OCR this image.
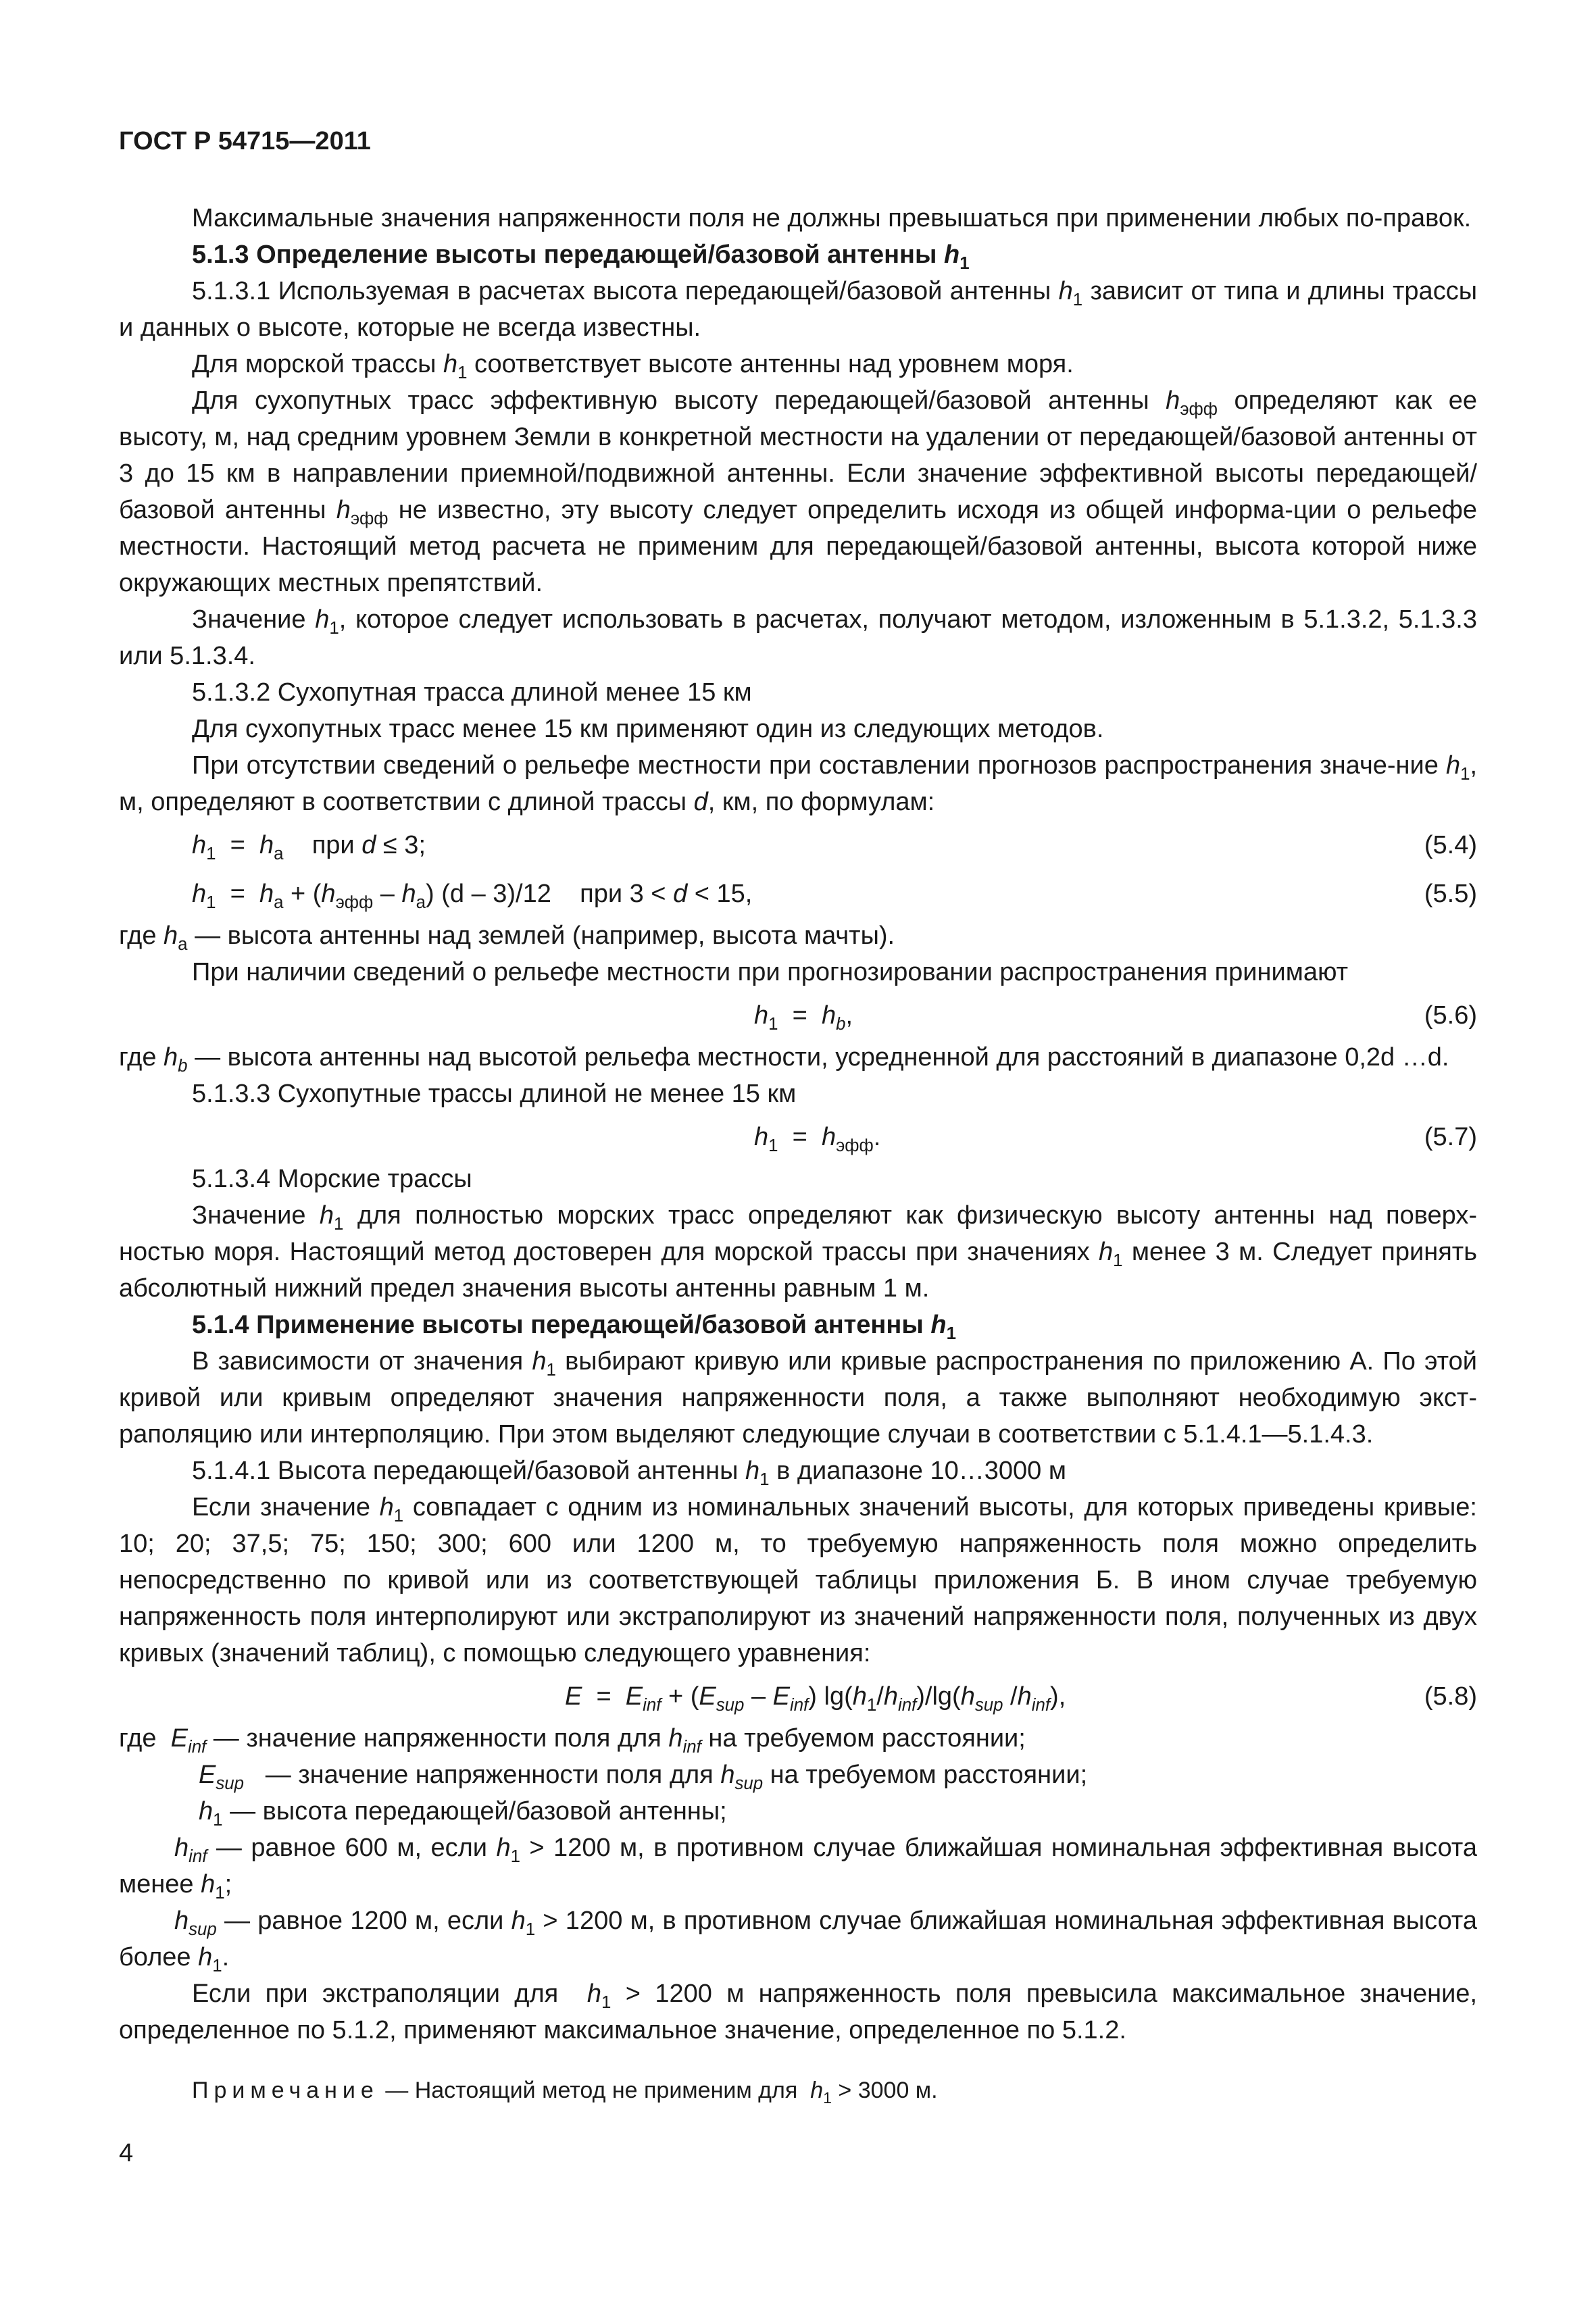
ГОСТ Р 54715—2011

Максимальные значения напряженности поля не должны превышаться при применении любых по-правок.

5.1.3 Определение высоты передающей/базовой антенны $h_1$

5.1.3.1 Используемая в расчетах высота передающей/базовой антенны $h_1$ зависит от типа и длины трассы и данных о высоте, которые не всегда известны.

Для морской трассы $h_1$ соответствует высоте антенны над уровнем моря.

Для сухопутных трасс эффективную высоту передающей/базовой антенны $h_{эфф}$ определяют как ее высоту, м, над средним уровнем Земли в конкретной местности на удалении от передающей/базовой антенны от 3 до 15 км в направлении приемной/подвижной антенны. Если значение эффективной высоты передающей/базовой антенны $h_{эфф}$ не известно, эту высоту следует определить исходя из общей информа-ции о рельефе местности. Настоящий метод расчета не применим для передающей/базовой антенны, высота которой ниже окружающих местных препятствий.

Значение $h_1$, которое следует использовать в расчетах, получают методом, изложенным в 5.1.3.2, 5.1.3.3 или 5.1.3.4.

5.1.3.2 Сухопутная трасса длиной менее 15 км

Для сухопутных трасс менее 15 км применяют один из следующих методов.

При отсутствии сведений о рельефе местности при составлении прогнозов распространения значе-ние $h_1$, м, определяют в соответствии с длиной трассы d, км, по формулам:

$h_1 = h_a$ при d ≤ 3;	(5.4)
$h_1 = h_a + (h_{эфф} - h_a)$ (d – 3)/12 при 3 < d < 15,	(5.5)

где $h_a$ — высота антенны над землей (например, высота мачты).

При наличии сведений о рельефе местности при прогнозировании распространения принимают

$h_1 = h_b$,	(5.6)

где $h_b$ — высота антенны над высотой рельефа местности, усредненной для расстояний в диапазоне 0,2d …d.

5.1.3.3 Сухопутные трассы длиной не менее 15 км

$h_1 = h_{эфф}$.	(5.7)

5.1.3.4 Морские трассы

Значение $h_1$ для полностью морских трасс определяют как физическую высоту антенны над поверх-ностью моря. Настоящий метод достоверен для морской трассы при значениях $h_1$ менее 3 м. Следует принять абсолютный нижний предел значения высоты антенны равным 1 м.

5.1.4 Применение высоты передающей/базовой антенны $h_1$

В зависимости от значения $h_1$ выбирают кривую или кривые распространения по приложению А. По этой кривой или кривым определяют значения напряженности поля, а также выполняют необходимую экст-раполяцию или интерполяцию. При этом выделяют следующие случаи в соответствии с 5.1.4.1—5.1.4.3.

5.1.4.1 Высота передающей/базовой антенны $h_1$ в диапазоне 10…3000 м

Если значение $h_1$ совпадает с одним из номинальных значений высоты, для которых приведены кривые: 10; 20; 37,5; 75; 150; 300; 600 или 1200 м, то требуемую напряженность поля можно определить непосредственно по кривой или из соответствующей таблицы приложения Б. В ином случае требуемую напряженность поля интерполируют или экстраполируют из значений напряженности поля, полученных из двух кривых (значений таблиц), с помощью следующего уравнения:

$E = E_{inf} + (E_{sup} - E_{inf})$ $\lg(h_1/h_{inf})/\lg(h_{sup}$ $/h_{inf}$),	(5.8)

где $E_{inf}$ — значение напряженности поля для $h_{inf}$ на требуемом расстоянии;

$E_{sup}$ — значение напряженности поля для $h_{sup}$ на требуемом расстоянии;

$h_1$ — высота передающей/базовой антенны;

$h_{inf}$ — равное 600 м, если $h_1 > 1200$ м, в противном случае ближайшая номинальная эффективная высота менее $h_1$;

$h_{sup}$ — равное 1200 м, если $h_1 > 1200$ м, в противном случае ближайшая номинальная эффективная высота более $h_1$.

Если при экстраполяции для $h_1 > 1200$ м напряженность поля превысила максимальное значение, определенное по 5.1.2, применяют максимальное значение, определенное по 5.1.2.

Примечание — Настоящий метод не применим для $h_1 > 3000$ м.

4
